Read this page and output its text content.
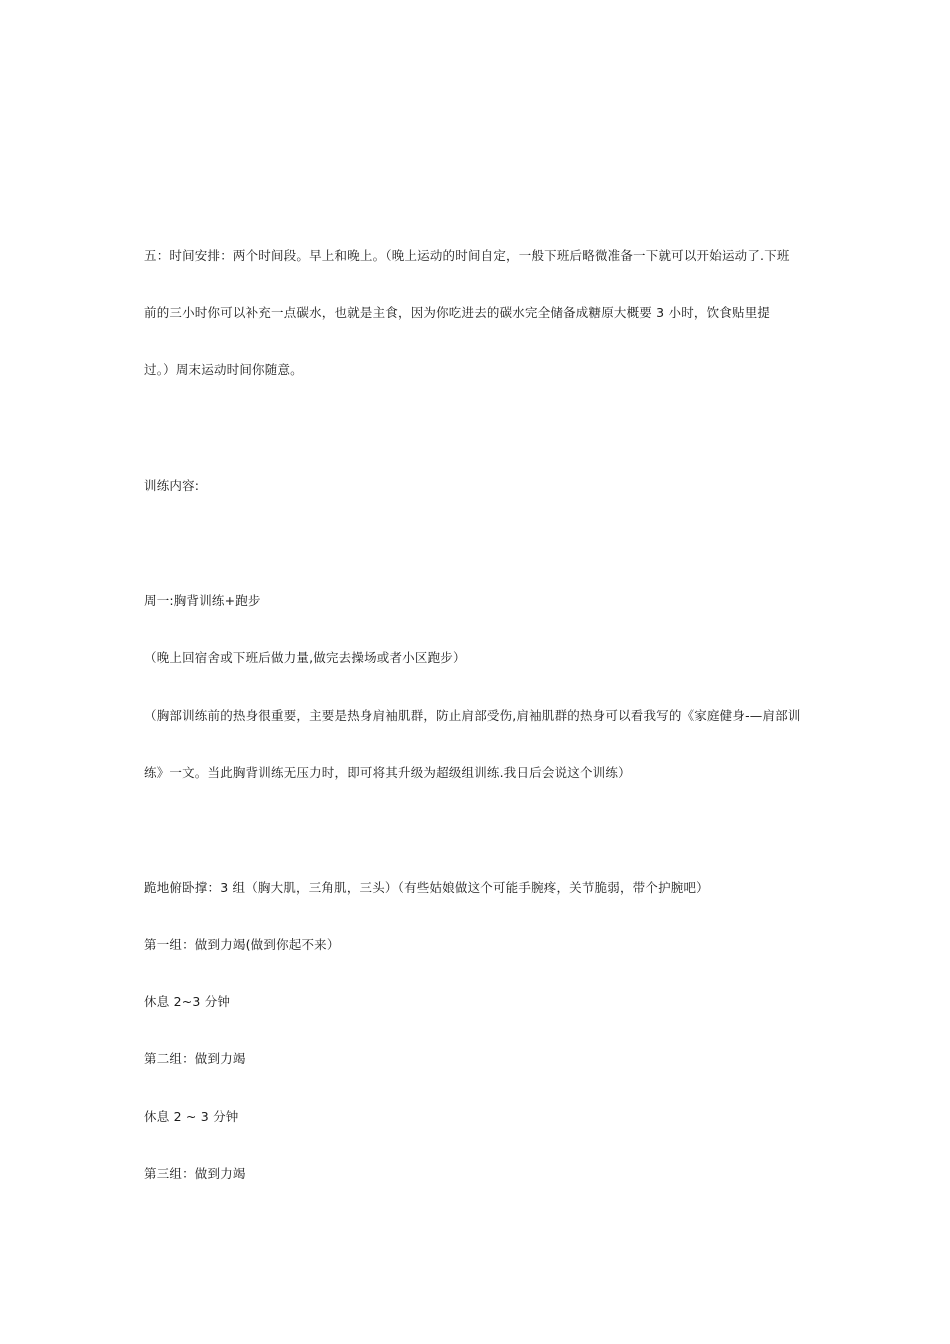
五：时间安排：两个时间段。早上和晚上。（晚上运动的时间自定，一般下班后略微准备一下就可以开始运动了.下班
前的三小时你可以补充一点碳水，也就是主食，因为你吃进去的碳水完全储备成糖原大概要 3 小时，饮食贴里提
过。）周末运动时间你随意。
训练内容:
周一:胸背训练+跑步
（晚上回宿舍或下班后做力量,做完去操场或者小区跑步）
（胸部训练前的热身很重要，主要是热身肩袖肌群，防止肩部受伤,肩袖肌群的热身可以看我写的《家庭健身-—肩部训
练》一文。当此胸背训练无压力时，即可将其升级为超级组训练.我日后会说这个训练）
跪地俯卧撑：3 组（胸大肌，三角肌，三头）（有些姑娘做这个可能手腕疼，关节脆弱，带个护腕吧）
第一组：做到力竭(做到你起不来）
休息 2~3 分钟
第二组：做到力竭
休息 2 ~ 3 分钟
第三组：做到力竭
